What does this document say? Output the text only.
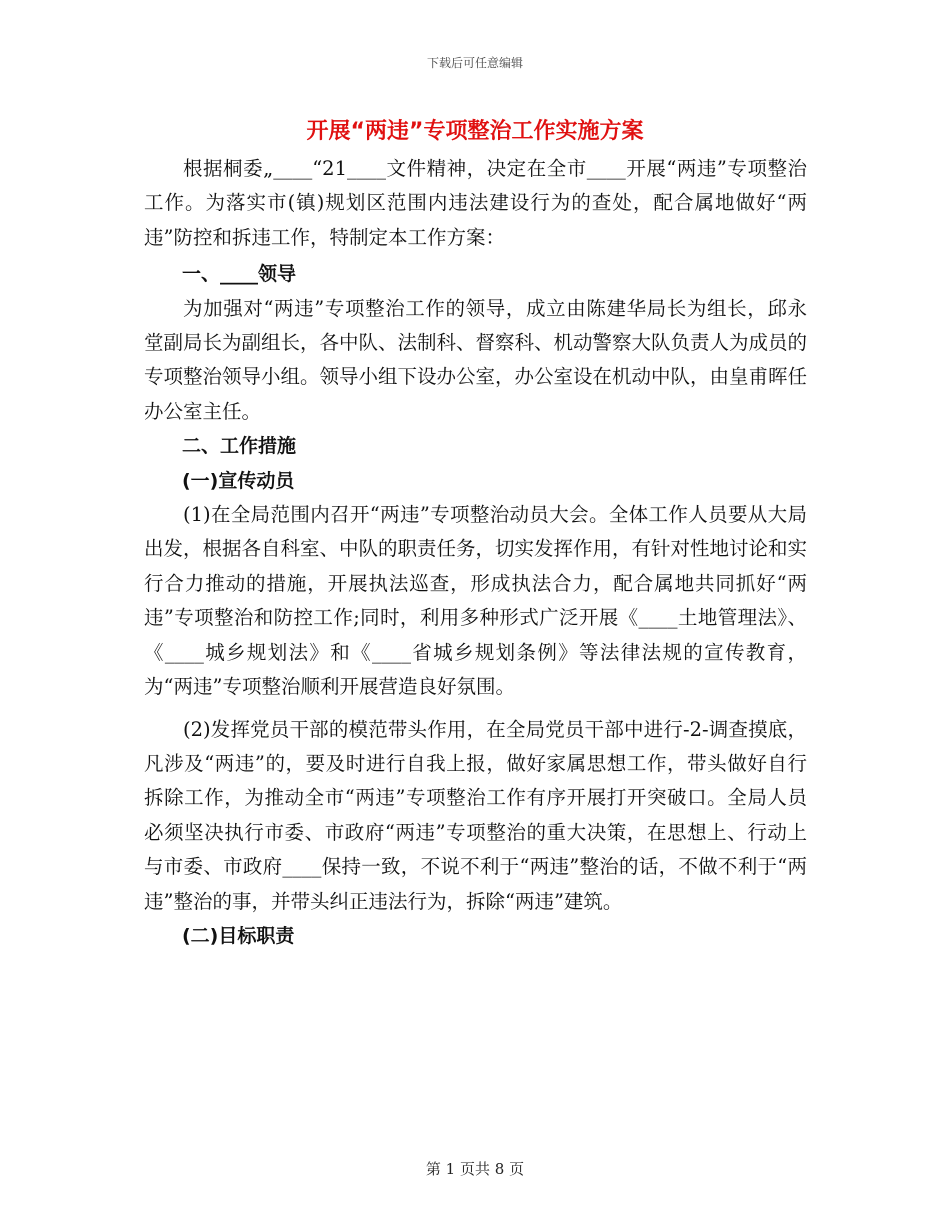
下载后可任意编辑
开展“两违”专项整治工作实施方案

根据桐委„____“21____文件精神，决定在全市____开展“两违”专项整治工作。为落实市(镇)规划区范围内违法建设行为的查处，配合属地做好“两违”防控和拆违工作，特制定本工作方案：

一、____领导

为加强对“两违”专项整治工作的领导，成立由陈建华局长为组长，邱永堂副局长为副组长，各中队、法制科、督察科、机动警察大队负责人为成员的专项整治领导小组。领导小组下设办公室，办公室设在机动中队，由皇甫晖任办公室主任。

二、工作措施

(一)宣传动员

(1)在全局范围内召开“两违”专项整治动员大会。全体工作人员要从大局出发，根据各自科室、中队的职责任务，切实发挥作用，有针对性地讨论和实行合力推动的措施，开展执法巡查，形成执法合力，配合属地共同抓好“两违”专项整治和防控工作;同时，利用多种形式广泛开展《____土地管理法》、《____城乡规划法》和《____省城乡规划条例》等法律法规的宣传教育，为“两违”专项整治顺利开展营造良好氛围。

(2)发挥党员干部的模范带头作用，在全局党员干部中进行-2-调查摸底，凡涉及“两违”的，要及时进行自我上报，做好家属思想工作，带头做好自行拆除工作，为推动全市“两违”专项整治工作有序开展打开突破口。全局人员必须坚决执行市委、市政府“两违”专项整治的重大决策，在思想上、行动上与市委、市政府____保持一致，不说不利于“两违”整治的话，不做不利于“两违”整治的事，并带头纠正违法行为，拆除“两违”建筑。

(二)目标职责

第 1 页共 8 页
